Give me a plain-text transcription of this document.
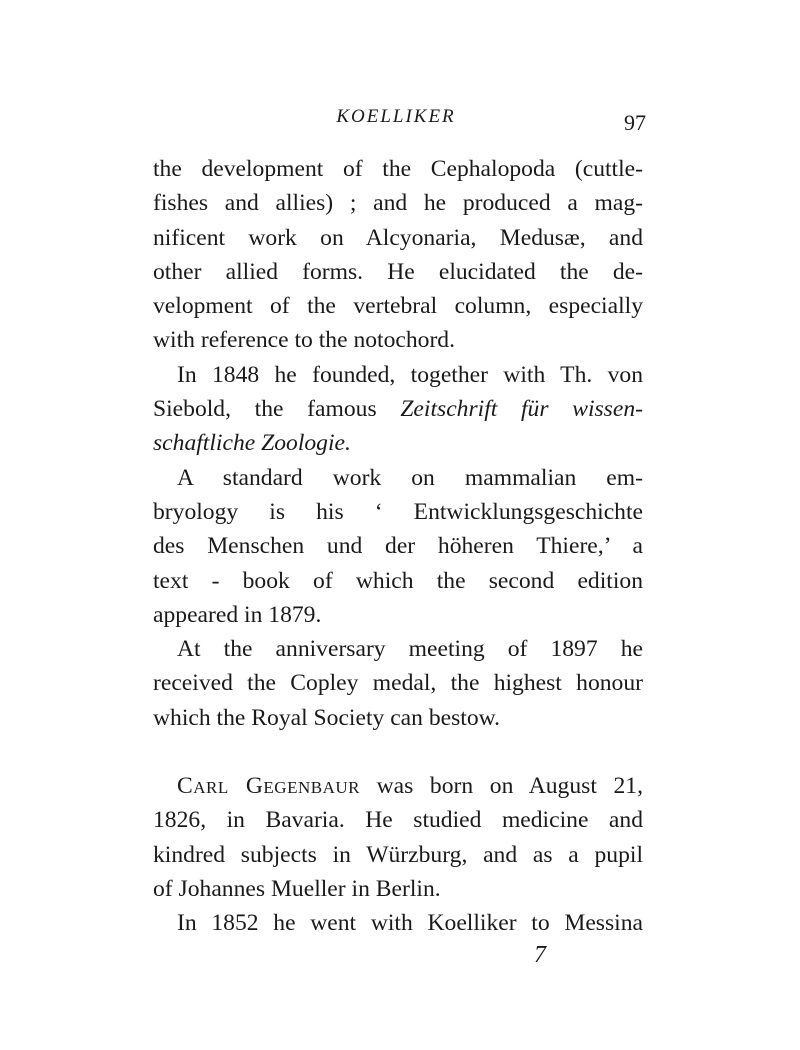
KOELLIKER	97
the development of the Cephalopoda (cuttle-
fishes and allies) ; and he produced a mag-
nificent work on Alcyonaria, Medusæ, and
other allied forms. He elucidated the de-
velopment of the vertebral column, especially
with reference to the notochord.
In 1848 he founded, together with Th. von
Siebold, the famous Zeitschrift für wissen-
schaftliche Zoologie.
A standard work on mammalian em-
bryology is his ‘ Entwicklungsgeschichte
des Menschen und der höheren Thiere,’ a
text - book of which the second edition
appeared in 1879.
At the anniversary meeting of 1897 he
received the Copley medal, the highest honour
which the Royal Society can bestow.
Carl Gegenbaur was born on August 21,
1826, in Bavaria. He studied medicine and
kindred subjects in Würzburg, and as a pupil
of Johannes Mueller in Berlin.
In 1852 he went with Koelliker to Messina
7
